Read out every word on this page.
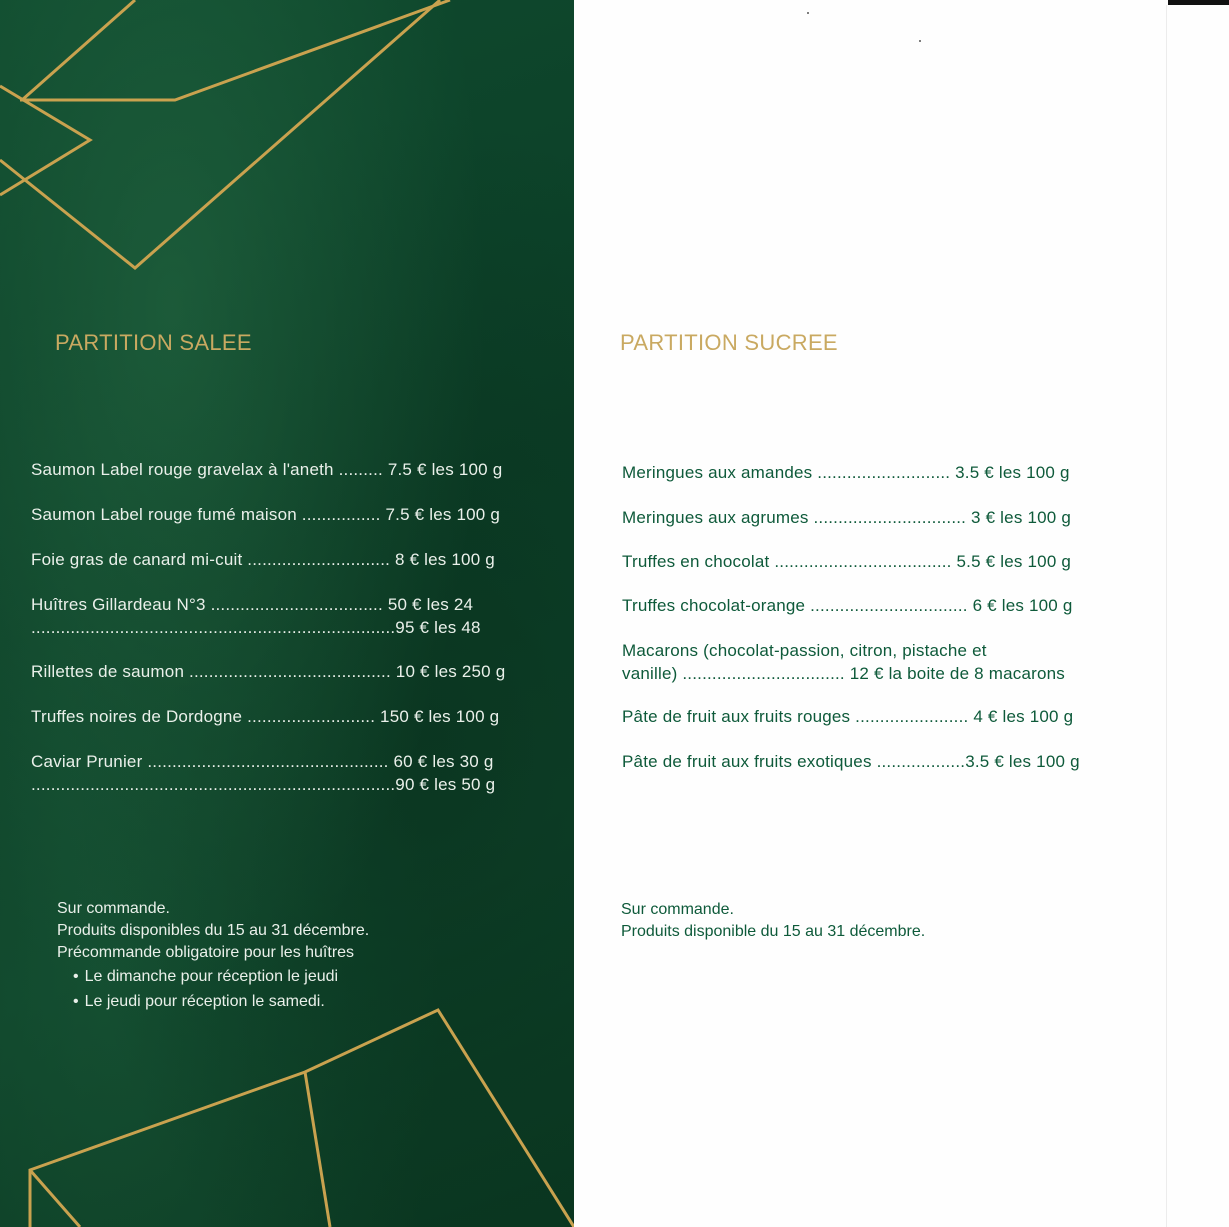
PARTITION SALEE
Saumon Label rouge gravelax à l'aneth ......... 7.5 € les 100 g
Saumon Label rouge fumé maison ................ 7.5 € les 100 g
Foie gras de canard mi-cuit ............................. 8 € les 100 g
Huîtres Gillardeau N°3 ................................... 50 € les 24
..........................................................................95 € les 48
Rillettes de saumon ......................................... 10 € les 250 g
Truffes noires de Dordogne .......................... 150 € les 100 g
Caviar Prunier ................................................. 60 € les 30 g
..........................................................................90 € les 50 g

Sur commande.

Produits disponibles du 15 au 31 décembre.

Précommande obligatoire pour les huîtres

• Le dimanche pour réception le jeudi
• Le jeudi pour réception le samedi.
PARTITION SUCREE
Meringues aux amandes ........................... 3.5 € les 100 g
Meringues aux agrumes ............................... 3 € les 100 g
Truffes en chocolat .................................... 5.5 € les 100 g
Truffes chocolat-orange ................................ 6 € les 100 g
Macarons (chocolat-passion, citron, pistache et
vanille) ................................. 12 € la boite de 8 macarons
Pâte de fruit aux fruits rouges ....................... 4 € les 100 g
Pâte de fruit aux fruits exotiques ..................3.5 € les 100 g

Sur commande.

Produits disponible du 15 au 31 décembre.
